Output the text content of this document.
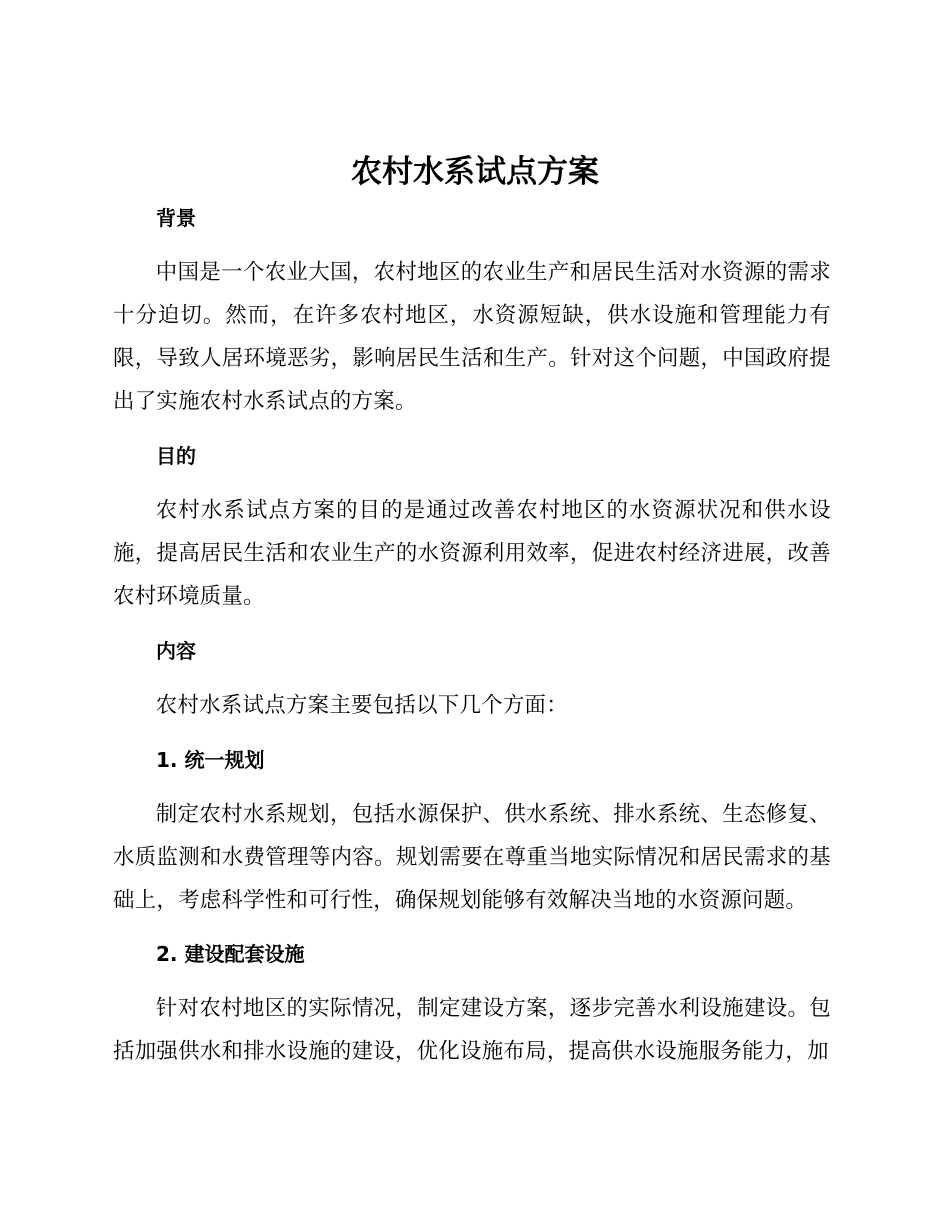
农村水系试点方案
背景

中国是一个农业大国，农村地区的农业生产和居民生活对水资源的需求十分迫切。然而，在许多农村地区，水资源短缺，供水设施和管理能力有限，导致人居环境恶劣，影响居民生活和生产。针对这个问题，中国政府提出了实施农村水系试点的方案。

目的

农村水系试点方案的目的是通过改善农村地区的水资源状况和供水设施，提高居民生活和农业生产的水资源利用效率，促进农村经济进展，改善农村环境质量。

内容

农村水系试点方案主要包括以下几个方面：

1. 统一规划

制定农村水系规划，包括水源保护、供水系统、排水系统、生态修复、水质监测和水费管理等内容。规划需要在尊重当地实际情况和居民需求的基础上，考虑科学性和可行性，确保规划能够有效解决当地的水资源问题。

2. 建设配套设施

针对农村地区的实际情况，制定建设方案，逐步完善水利设施建设。包括加强供水和排水设施的建设，优化设施布局，提高供水设施服务能力，加
